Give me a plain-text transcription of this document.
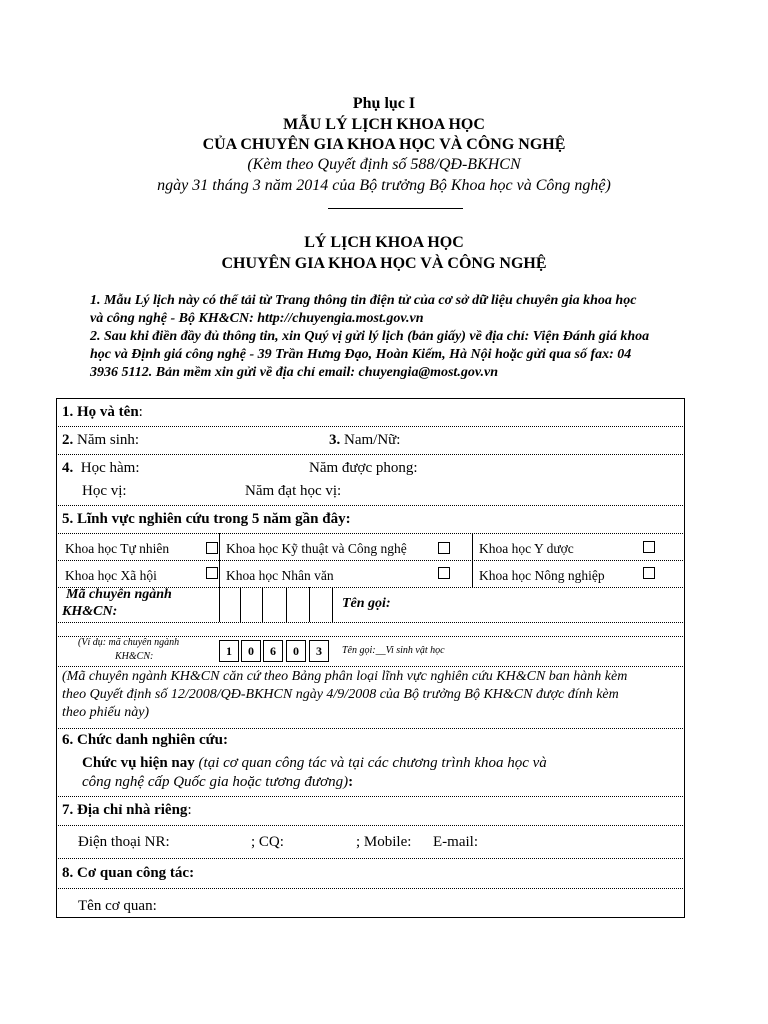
Phụ lục I
MẪU LÝ LỊCH KHOA HỌC
CỦA CHUYÊN GIA KHOA HỌC VÀ CÔNG NGHỆ
(Kèm theo Quyết định số 588/QĐ-BKHCN
ngày 31 tháng 3 năm 2014 của Bộ trưởng Bộ Khoa học và Công nghệ)
LÝ LỊCH KHOA HỌC
CHUYÊN GIA KHOA HỌC VÀ CÔNG NGHỆ
1. Mẫu Lý lịch này có thể tải từ Trang thông tin điện tử của cơ sở dữ liệu chuyên gia khoa học
và công nghệ - Bộ KH&CN: http://chuyengia.most.gov.vn
2. Sau khi điền đầy đủ thông tin, xin Quý vị gửi lý lịch (bản giấy) về địa chỉ: Viện Đánh giá khoa
học và Định giá công nghệ - 39 Trần Hưng Đạo, Hoàn Kiếm, Hà Nội hoặc gửi qua số fax: 04
3936 5112. Bản mềm xin gửi về địa chỉ email: chuyengia@most.gov.vn
1. Họ và tên:
2. Năm sinh:	3. Nam/Nữ:
4. Học hàm:	Năm được phong:
Học vị:	Năm đạt học vị:
5. Lĩnh vực nghiên cứu trong 5 năm gần đây:
Khoa học Tự nhiên	Khoa học Kỹ thuật và Công nghệ	Khoa học Y dược
Khoa học Xã hội	Khoa học Nhân văn	Khoa học Nông nghiệp
Mã chuyên ngành
KH&CN:
Tên gọi:
(Ví dụ: mã chuyên ngành
KH&CN:	1	0	6	0	3	Tên gọi:__Vi sinh vật học
(Mã chuyên ngành KH&CN căn cứ theo Bảng phân loại lĩnh vực nghiên cứu KH&CN ban hành kèm
theo Quyết định số 12/2008/QĐ-BKHCN ngày 4/9/2008 của Bộ trưởng Bộ KH&CN được đính kèm
theo phiếu này)
6. Chức danh nghiên cứu:
Chức vụ hiện nay (tại cơ quan công tác và tại các chương trình khoa học và
công nghệ cấp Quốc gia hoặc tương đương):
7. Địa chỉ nhà riêng:
Điện thoại NR:	; CQ:	; Mobile: E-mail:
8. Cơ quan công tác:
Tên cơ quan:
